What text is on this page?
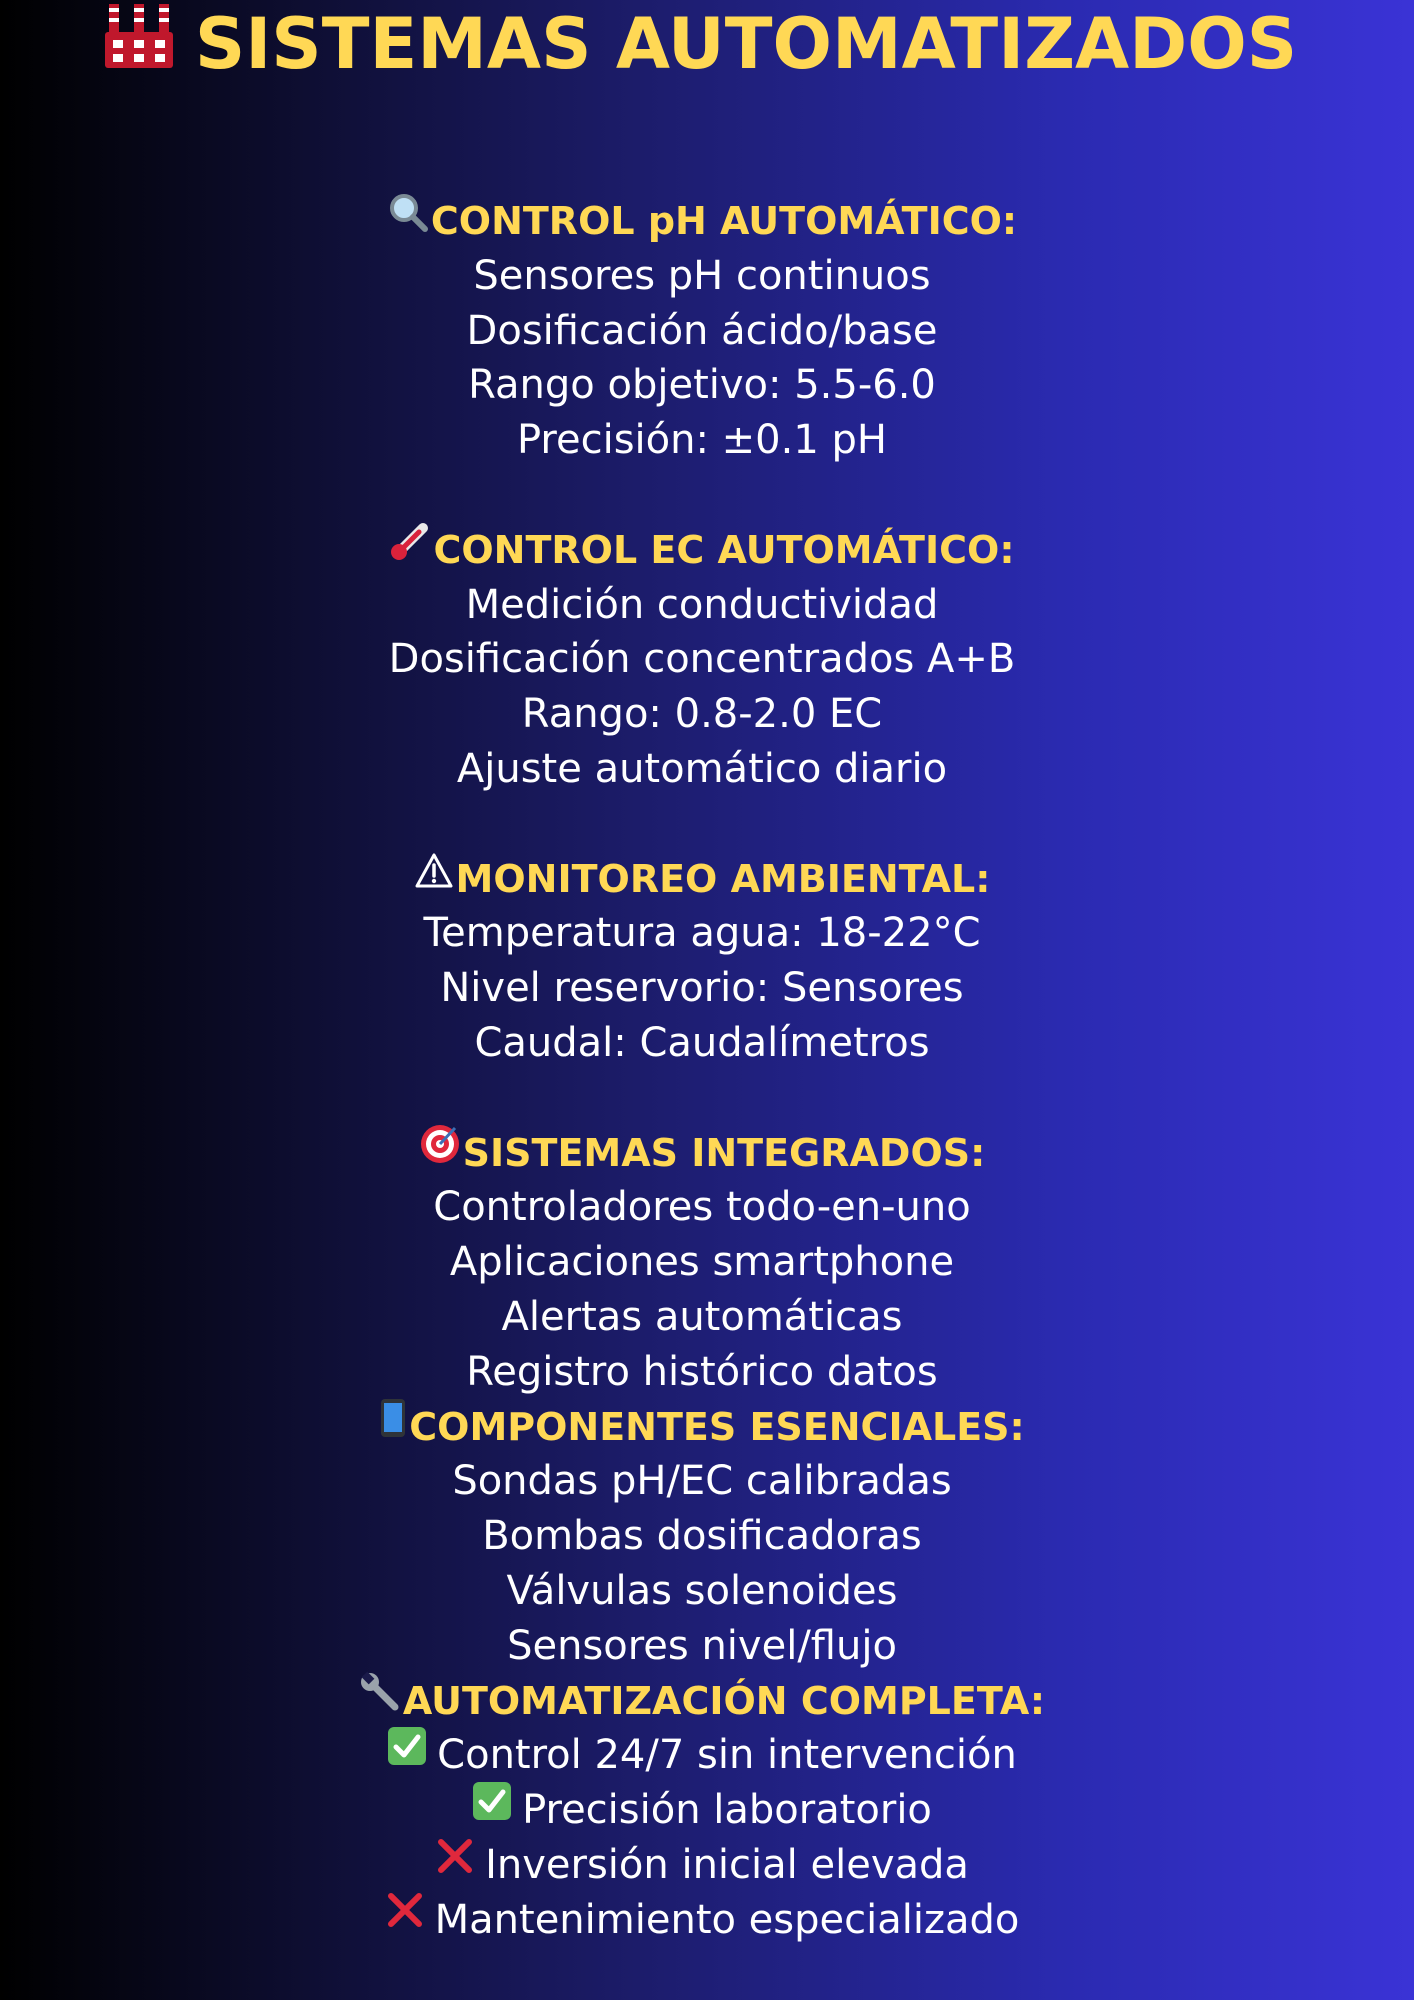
SISTEMAS AUTOMATIZADOS
CONTROL pH AUTOMÁTICO:
Sensores pH continuos
Dosificación ácido/base
Rango objetivo: 5.5-6.0
Precisión: ±0.1 pH
CONTROL EC AUTOMÁTICO:
Medición conductividad
Dosificación concentrados A+B
Rango: 0.8-2.0 EC
Ajuste automático diario
MONITOREO AMBIENTAL:
Temperatura agua: 18-22°C
Nivel reservorio: Sensores
Caudal: Caudalímetros
SISTEMAS INTEGRADOS:
Controladores todo-en-uno
Aplicaciones smartphone
Alertas automáticas
Registro histórico datos
COMPONENTES ESENCIALES:
Sondas pH/EC calibradas
Bombas dosificadoras
Válvulas solenoides
Sensores nivel/flujo
AUTOMATIZACIÓN COMPLETA:
Control 24/7 sin intervención
Precisión laboratorio
Inversión inicial elevada
Mantenimiento especializado
